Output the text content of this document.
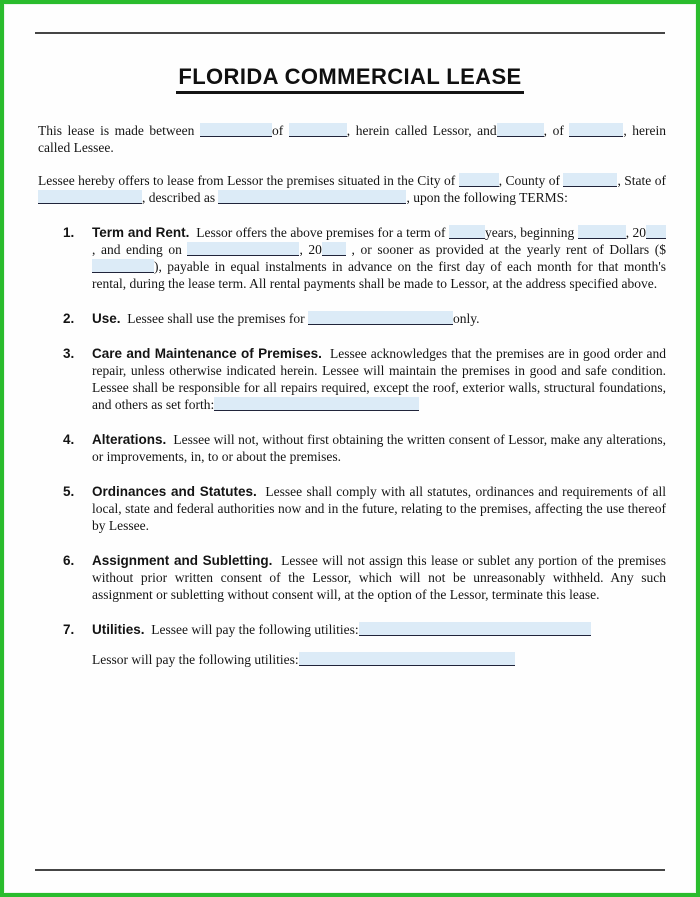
FLORIDA COMMERCIAL LEASE

This lease is made between	of	, herein called Lessor, and	, of	, herein called Lessee.

Lessee hereby offers to lease from Lessor the premises situated in the City of	, County of	, State of , described as	, upon the following TERMS:

1.	Term and Rent. Lessor offers the above premises for a term of	years, beginning	, 20, and ending on	, 20 , or sooner as provided at the yearly rent of Dollars ($), payable in equal instalments in advance on the first day of each month for that month's rental, during the lease term. All rental payments shall be made to Lessor, at the address specified above.
2.	Use. Lessee shall use the premises for	only.
3.	Care and Maintenance of Premises. Lessee acknowledges that the premises are in good order and repair, unless otherwise indicated herein. Lessee will maintain the premises in good and safe condition. Lessee shall be responsible for all repairs required, except the roof, exterior walls, structural foundations, and others as set forth:
4.	Alterations. Lessee will not, without first obtaining the written consent of Lessor, make any alterations, or improvements, in, to or about the premises.
5.	Ordinances and Statutes. Lessee shall comply with all statutes, ordinances and requirements of all local, state and federal authorities now and in the future, relating to the premises, affecting the use thereof by Lessee.
6.	Assignment and Subletting. Lessee will not assign this lease or sublet any portion of the premises without prior written consent of the Lessor, which will not be unreasonably withheld. Any such assignment or subletting without consent will, at the option of the Lessor, terminate this lease.
7.	Utilities. Lessee will pay the following utilities:
Lessor will pay the following utilities:
